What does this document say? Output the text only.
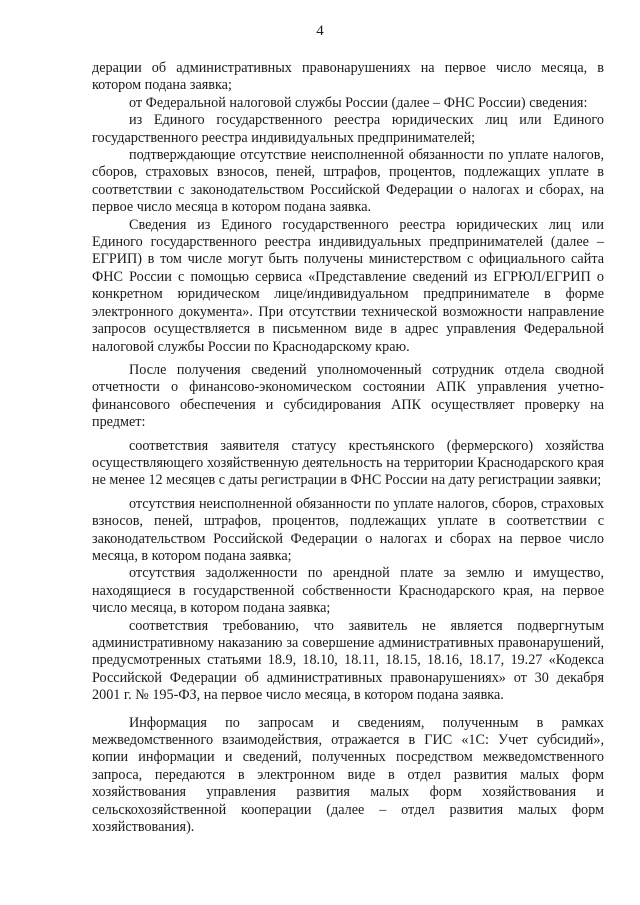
4

дерации об административных правонарушениях на первое число месяца, в котором подана заявка;

от Федеральной налоговой службы России (далее – ФНС России) сведения:

из Единого государственного реестра юридических лиц или Единого государственного реестра индивидуальных предпринимателей;

подтверждающие отсутствие неисполненной обязанности по уплате налогов, сборов, страховых взносов, пеней, штрафов, процентов, подлежащих уплате в соответствии с законодательством Российской Федерации о налогах и сборах, на первое число месяца в котором подана заявка.

Сведения из Единого государственного реестра юридических лиц или Единого государственного реестра индивидуальных предпринимателей (далее – ЕГРИП) в том числе могут быть получены министерством с официального сайта ФНС России с помощью сервиса «Представление сведений из ЕГРЮЛ/ЕГРИП о конкретном юридическом лице/индивидуальном предпринимателе в форме электронного документа». При отсутствии технической возможности направление запросов осуществляется в письменном виде в адрес управления Федеральной налоговой службы России по Краснодарскому краю.

После получения сведений уполномоченный сотрудник отдела сводной отчетности о финансово-экономическом состоянии АПК управления учетно-финансового обеспечения и субсидирования АПК осуществляет проверку на предмет:

соответствия заявителя статусу крестьянского (фермерского) хозяйства осуществляющего хозяйственную деятельность на территории Краснодарского края не менее 12 месяцев с даты регистрации в ФНС России на дату регистрации заявки;

отсутствия неисполненной обязанности по уплате налогов, сборов, страховых взносов, пеней, штрафов, процентов, подлежащих уплате в соответствии с законодательством Российской Федерации о налогах и сборах на первое число месяца, в котором подана заявка;

отсутствия задолженности по арендной плате за землю и имущество, находящиеся в государственной собственности Краснодарского края, на первое число месяца, в котором подана заявка;

соответствия требованию, что заявитель не является подвергнутым административному наказанию за совершение административных правонарушений, предусмотренных статьями 18.9, 18.10, 18.11, 18.15, 18.16, 18.17, 19.27 «Кодекса Российской Федерации об административных правонарушениях» от 30 декабря 2001 г. № 195-ФЗ, на первое число месяца, в котором подана заявка.

Информация по запросам и сведениям, полученным в рамках межведомственного взаимодействия, отражается в ГИС «1С: Учет субсидий», копии информации и сведений, полученных посредством межведомственного запроса, передаются в электронном виде в отдел развития малых форм хозяйствования управления развития малых форм хозяйствования и сельскохозяйственной кооперации (далее – отдел развития малых форм хозяйствования).
